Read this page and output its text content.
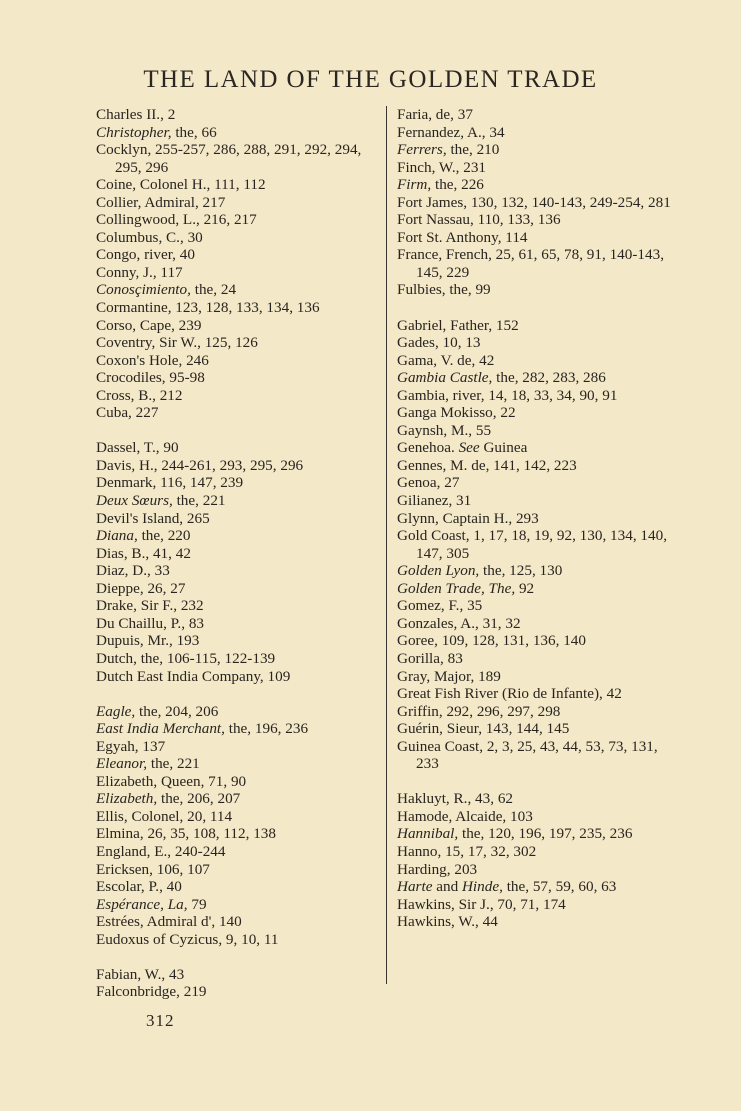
THE LAND OF THE GOLDEN TRADE
Charles II., 2
Christopher, the, 66
Cocklyn, 255-257, 286, 288, 291, 292, 294, 295, 296
Coine, Colonel H., 111, 112
Collier, Admiral, 217
Collingwood, L., 216, 217
Columbus, C., 30
Congo, river, 40
Conny, J., 117
Conosçimiento, the, 24
Cormantine, 123, 128, 133, 134, 136
Corso, Cape, 239
Coventry, Sir W., 125, 126
Coxon's Hole, 246
Crocodiles, 95-98
Cross, B., 212
Cuba, 227
Dassel, T., 90
Davis, H., 244-261, 293, 295, 296
Denmark, 116, 147, 239
Deux Sœurs, the, 221
Devil's Island, 265
Diana, the, 220
Dias, B., 41, 42
Diaz, D., 33
Dieppe, 26, 27
Drake, Sir F., 232
Du Chaillu, P., 83
Dupuis, Mr., 193
Dutch, the, 106-115, 122-139
Dutch East India Company, 109
Eagle, the, 204, 206
East India Merchant, the, 196, 236
Egyah, 137
Eleanor, the, 221
Elizabeth, Queen, 71, 90
Elizabeth, the, 206, 207
Ellis, Colonel, 20, 114
Elmina, 26, 35, 108, 112, 138
England, E., 240-244
Ericksen, 106, 107
Escolar, P., 40
Espérance, La, 79
Estrées, Admiral d', 140
Eudoxus of Cyzicus, 9, 10, 11
Fabian, W., 43
Falconbridge, 219
Faria, de, 37
Fernandez, A., 34
Ferrers, the, 210
Finch, W., 231
Firm, the, 226
Fort James, 130, 132, 140-143, 249-254, 281
Fort Nassau, 110, 133, 136
Fort St. Anthony, 114
France, French, 25, 61, 65, 78, 91, 140-143, 145, 229
Fulbies, the, 99
Gabriel, Father, 152
Gades, 10, 13
Gama, V. de, 42
Gambia Castle, the, 282, 283, 286
Gambia, river, 14, 18, 33, 34, 90, 91
Ganga Mokisso, 22
Gaynsh, M., 55
Genehoa. See Guinea
Gennes, M. de, 141, 142, 223
Genoa, 27
Gilianez, 31
Glynn, Captain H., 293
Gold Coast, 1, 17, 18, 19, 92, 130, 134, 140, 147, 305
Golden Lyon, the, 125, 130
Golden Trade, The, 92
Gomez, F., 35
Gonzales, A., 31, 32
Goree, 109, 128, 131, 136, 140
Gorilla, 83
Gray, Major, 189
Great Fish River (Rio de Infante), 42
Griffin, 292, 296, 297, 298
Guérin, Sieur, 143, 144, 145
Guinea Coast, 2, 3, 25, 43, 44, 53, 73, 131, 233
Hakluyt, R., 43, 62
Hamode, Alcaide, 103
Hannibal, the, 120, 196, 197, 235, 236
Hanno, 15, 17, 32, 302
Harding, 203
Harte and Hinde, the, 57, 59, 60, 63
Hawkins, Sir J., 70, 71, 174
Hawkins, W., 44
312
